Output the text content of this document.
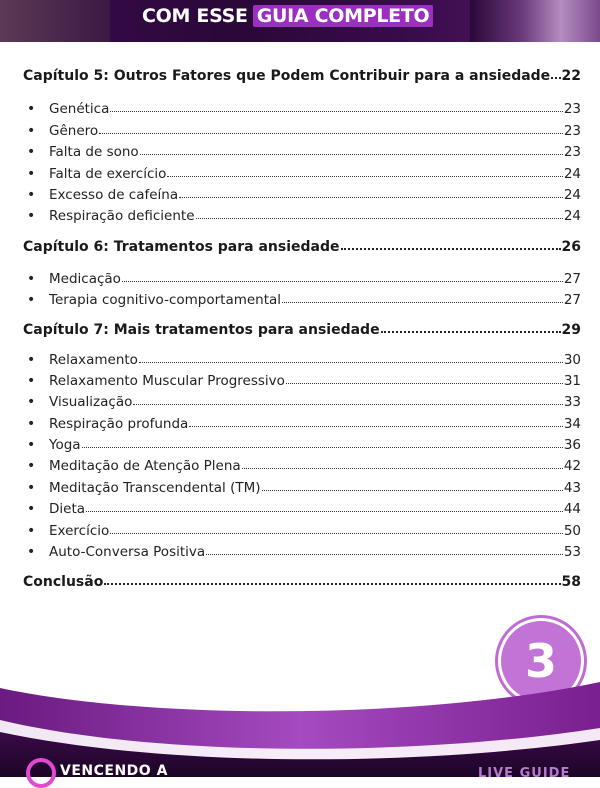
COM ESSE GUIA COMPLETO
Capítulo 5: Outros Fatores que Podem Contribuir para a ansiedade 22
•	Genética	23
•	Gênero	23
•	Falta de sono	23
•	Falta de exercício	24
•	Excesso de cafeína	24
•	Respiração deficiente	24
Capítulo 6: Tratamentos para ansiedade	26
•	Medicação	27
•	Terapia cognitivo-comportamental	27
Capítulo 7: Mais tratamentos para ansiedade	29
•	Relaxamento	30
•	Relaxamento Muscular Progressivo	31
•	Visualização	33
•	Respiração profunda	34
•	Yoga	36
•	Meditação de Atenção Plena	42
•	Meditação Transcendental (TM)	43
•	Dieta	44
•	Exercício	50
•	Auto-Conversa Positiva	53
Conclusão	58
3
VENCENDO A	LIVE GUIDE
